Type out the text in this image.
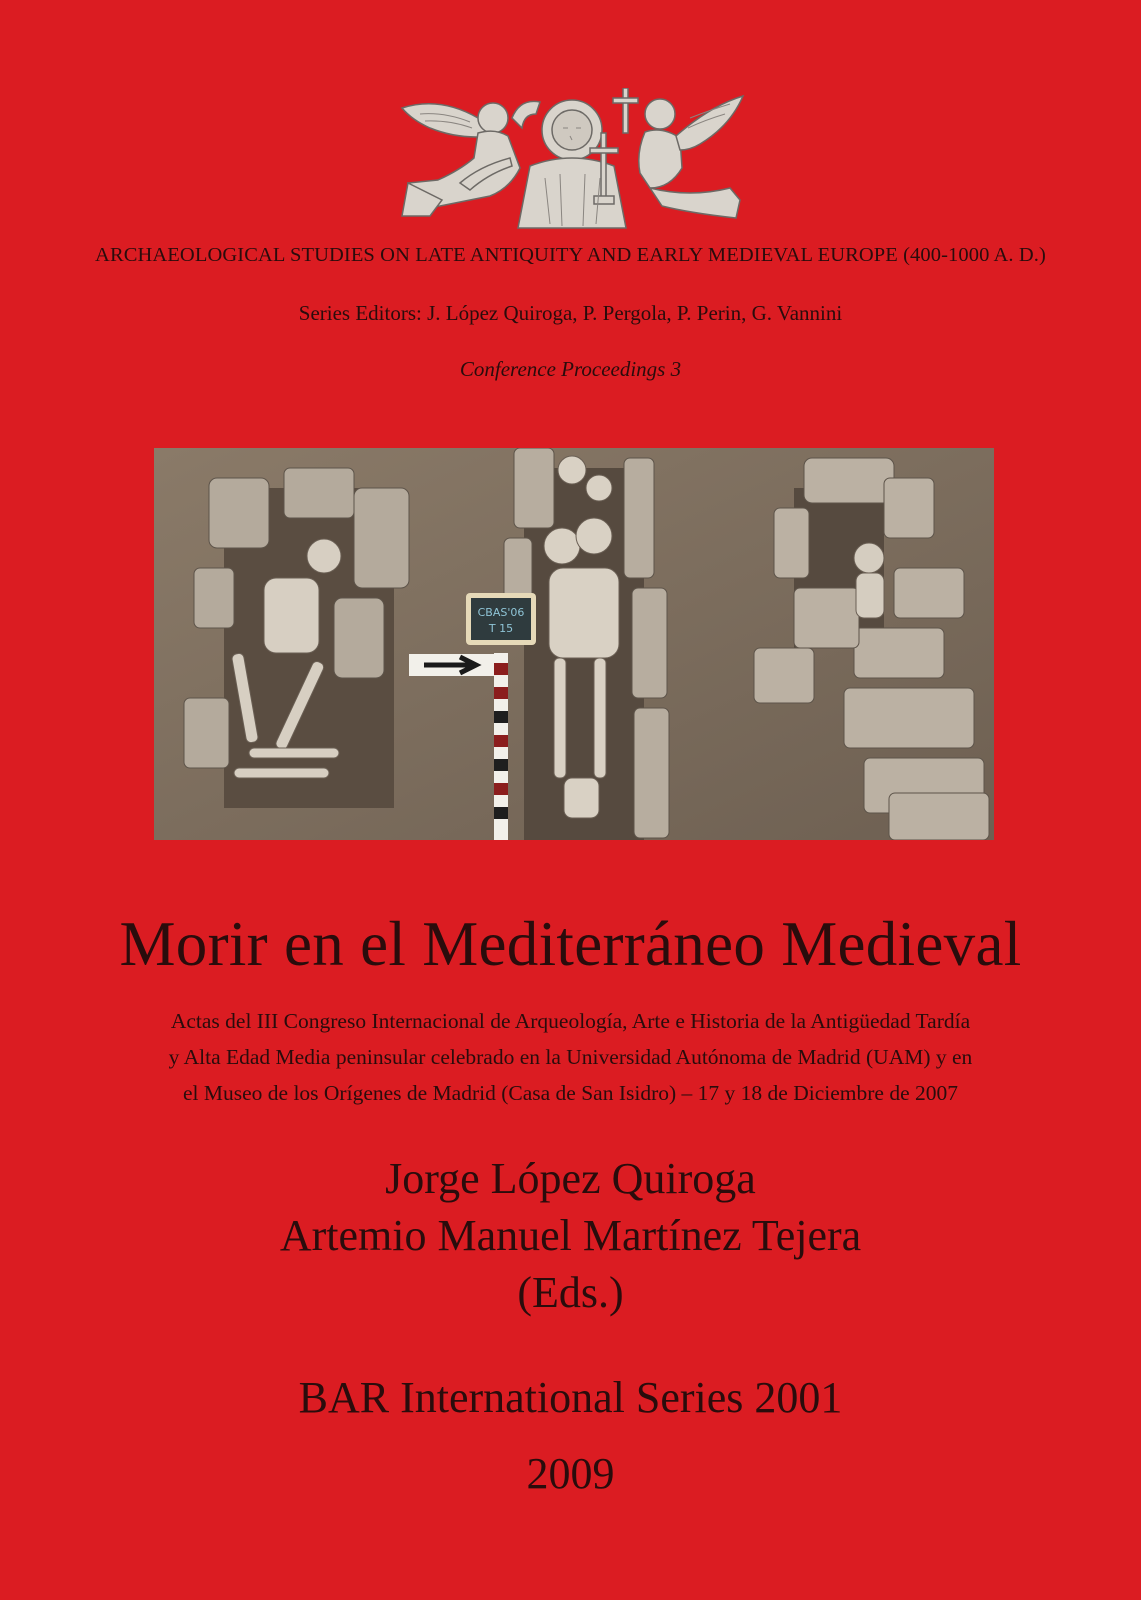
ARCHAEOLOGICAL STUDIES ON LATE ANTIQUITY AND EARLY MEDIEVAL EUROPE (400-1000 A. D.)
Series Editors: J. López Quiroga, P. Pergola, P. Perin, G. Vannini
Conference Proceedings 3
CBAS'06
T 15
Morir en el Mediterráneo Medieval
Actas del III Congreso Internacional de Arqueología, Arte e Historia de la Antigüedad Tardía
y Alta Edad Media peninsular celebrado en la Universidad Autónoma de Madrid (UAM) y en
el Museo de los Orígenes de Madrid (Casa de San Isidro) – 17 y 18 de Diciembre de 2007
Jorge López Quiroga
Artemio Manuel Martínez Tejera
(Eds.)
BAR International Series 2001
2009
